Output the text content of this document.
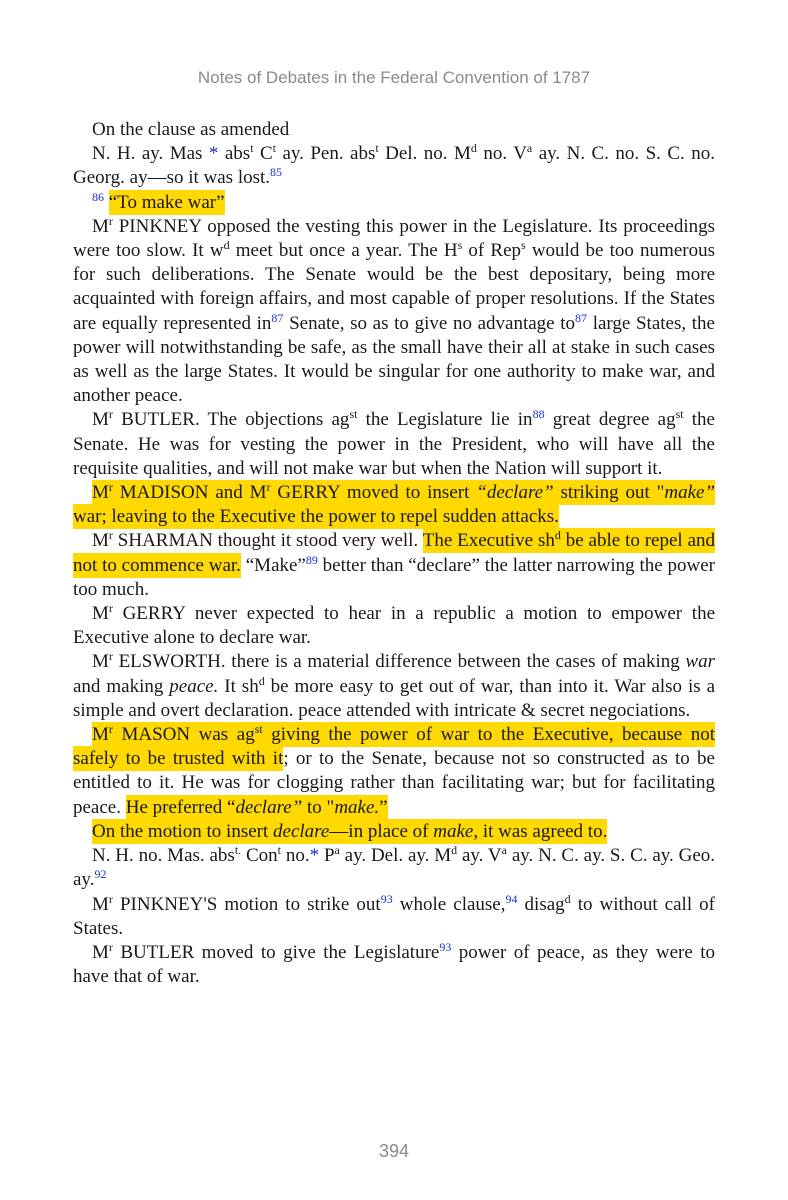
Notes of Debates in the Federal Convention of 1787

On the clause as amended

N. H. ay. Mas * abs$^t$ $C^t$ ay. Pen. abs$^t$ Del. no. $M^d$ no. $V^a$ ay. N. C. no. S. C. no. Georg. ay—so it was lost.$^{85}$

$^{86}$ “To make war”

$M^r$ PINKNEY opposed the vesting this power in the Legislature. Its proceedings were too slow. It $w^d$ meet but once a year. The $H^s$ of Rep$^s$ would be too numerous for such deliberations. The Senate would be the best depositary, being more acquainted with foreign affairs, and most capable of proper resolutions. If the States are equally represented $in^{87}$ Senate, so as to give no advantage $to^{87}$ large States, the power will notwithstanding be safe, as the small have their all at stake in such cases as well as the large States. It would be singular for one authority to make war, and another peace.

$M^r$ BUTLER. The objections $ag^{st}$ the Legislature lie $in^{88}$ great degree $ag^{st}$ the Senate. He was for vesting the power in the President, who will have all the requisite qualities, and will not make war but when the Nation will support it.

$M^r$ MADISON and $M^r$ GERRY moved to insert “declare” striking out "make” war; leaving to the Executive the power to repel sudden attacks.

$M^r$ SHARMAN thought it stood very well. The Executive $sh^d$ be able to repel and not to commence war. “Make”$^{89}$ better than “declare” the latter narrowing the power too much.

$M^r$ GERRY never expected to hear in a republic a motion to empower the Executive alone to declare war.

$M^r$ ELSWORTH. there is a material difference between the cases of making war and making peace. It $sh^d$ be more easy to get out of war, than into it. War also is a simple and overt declaration. peace attended with intricate & secret negociations.

$M^r$ MASON was $ag^{st}$ giving the power of war to the Executive, because not safely to be trusted with it; or to the Senate, because not so constructed as to be entitled to it. He was for clogging rather than facilitating war; but for facilitating peace. He preferred “declare” to "make.”

On the motion to insert declare—in place of make, it was agreed to.

N. H. no. Mas. abs$^{t.}$ Con$^t$ no.* $P^a$ ay. Del. ay. $M^d$ ay. $V^a$ ay. N. C. ay. S. C. ay. Geo. ay.$^{92}$

$M^r$ PINKNEY'S motion to strike out$^{93}$ whole clause,$^{94}$ disag$^d$ to without call of States.

$M^r$ BUTLER moved to give the Legislature$^{93}$ power of peace, as they were to have that of war.

394
